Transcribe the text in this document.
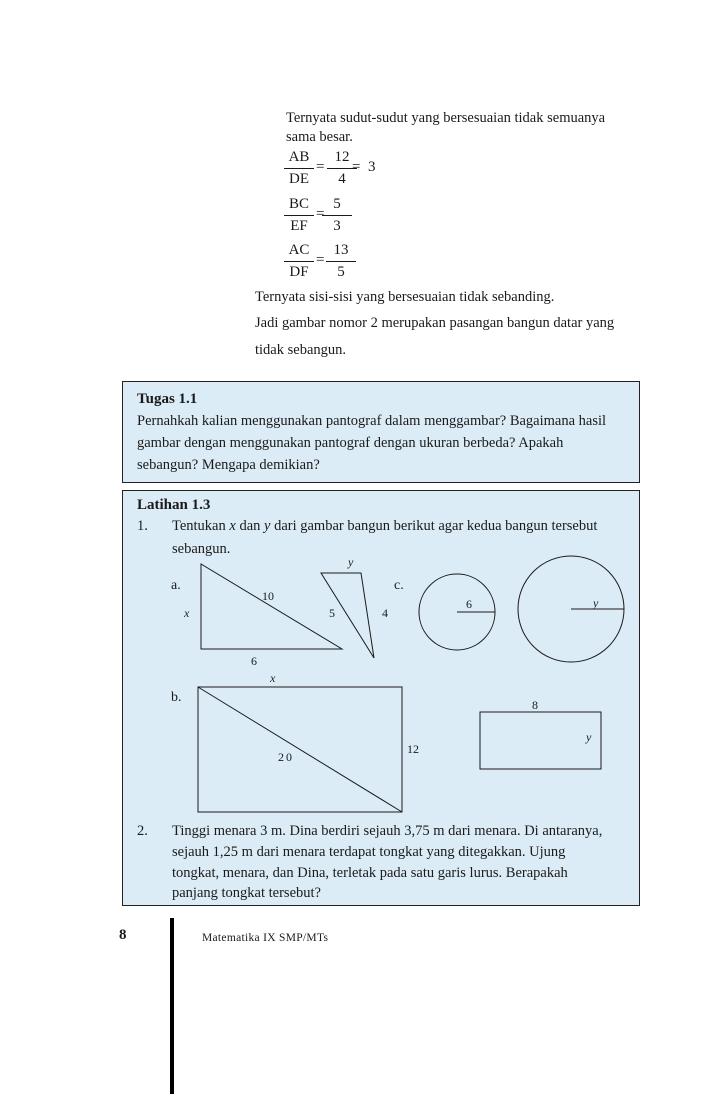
Ternyata sudut-sudut yang bersesuaian tidak semuanya
sama besar.
AB
DE
=
12
4
= 3
BC
EF
=
5
3
AC
DF
=
13
5
Ternyata sisi-sisi yang bersesuaian tidak sebanding.
Jadi gambar nomor 2 merupakan pasangan bangun datar yang
tidak sebangun.
Tugas 1.1
Pernahkah kalian menggunakan pantograf dalam menggambar? Bagaimana hasil gambar dengan menggunakan pantograf dengan ukuran berbeda? Apakah sebangun? Mengapa demikian?
Latihan 1.3
1. Tentukan x dan y dari gambar bangun berikut agar kedua bangun tersebut
sebangun.
a.
x
10
6
y
5	4
c.
6	y
b.
x
20
12
8
y
2. Tinggi menara 3 m. Dina berdiri sejauh 3,75 m dari menara. Di antaranya,
sejauh 1,25 m dari menara terdapat tongkat yang ditegakkan. Ujung
tongkat, menara, dan Dina, terletak pada satu garis lurus. Berapakah
panjang tongkat tersebut?
8	Matematika IX SMP/MTs
